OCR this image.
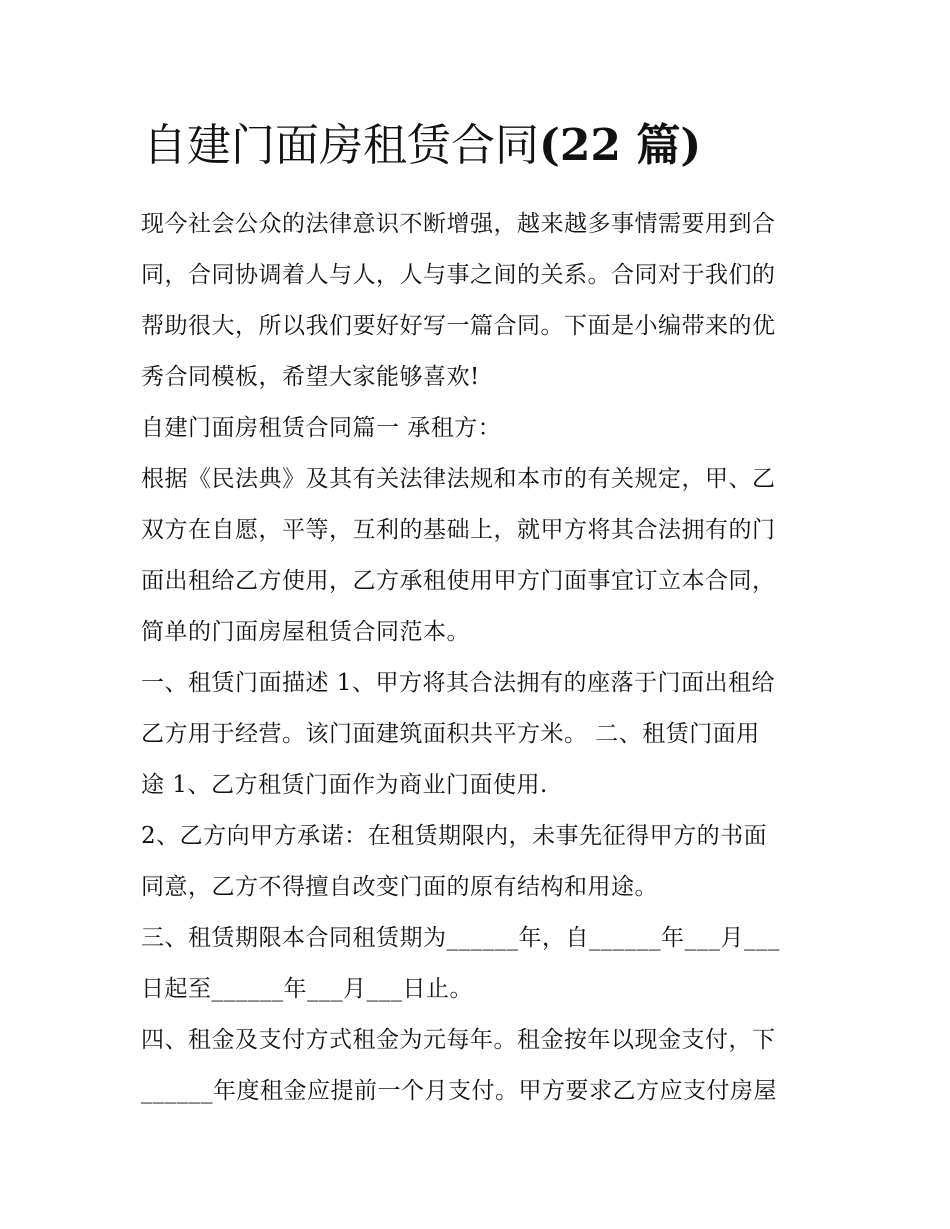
自建门面房租赁合同(22 篇)
现今社会公众的法律意识不断增强，越来越多事情需要用到合
同，合同协调着人与人，人与事之间的关系。合同对于我们的
帮助很大，所以我们要好好写一篇合同。下面是小编带来的优
秀合同模板，希望大家能够喜欢!
自建门面房租赁合同篇一 承租方：
根据《民法典》及其有关法律法规和本市的有关规定，甲、乙
双方在自愿，平等，互利的基础上，就甲方将其合法拥有的门
面出租给乙方使用，乙方承租使用甲方门面事宜订立本合同，
简单的门面房屋租赁合同范本。
一、租赁门面描述 1、甲方将其合法拥有的座落于门面出租给
乙方用于经营。该门面建筑面积共平方米。 二、租赁门面用
途 1、乙方租赁门面作为商业门面使用.
2、乙方向甲方承诺：在租赁期限内，未事先征得甲方的书面
同意，乙方不得擅自改变门面的原有结构和用途。
三、租赁期限本合同租赁期为______年，自______年___月___
日起至______年___月___日止。
四、租金及支付方式租金为元每年。租金按年以现金支付，下
______年度租金应提前一个月支付。甲方要求乙方应支付房屋
